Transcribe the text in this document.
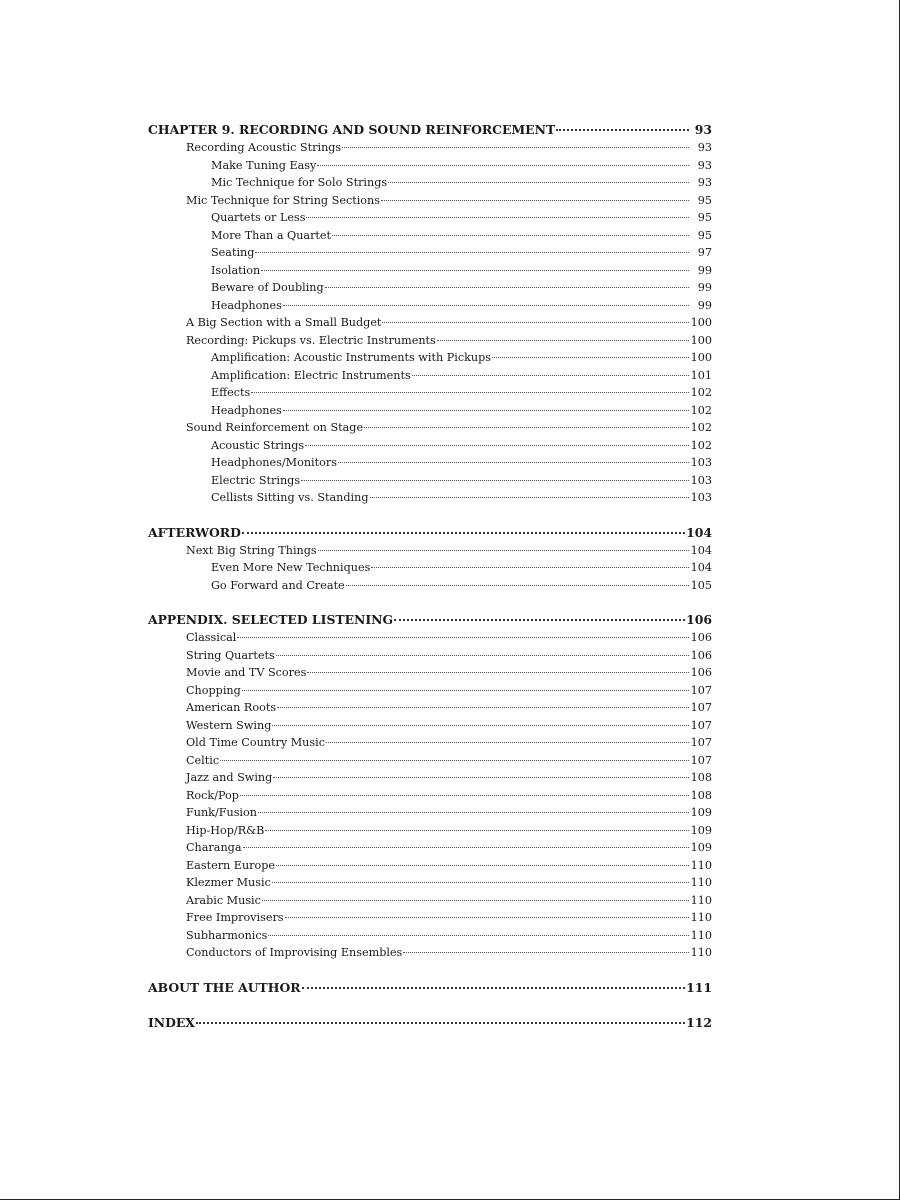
CHAPTER 9. RECORDING AND SOUND REINFORCEMENT	93
Recording Acoustic Strings	93
Make Tuning Easy	93
Mic Technique for Solo Strings	93
Mic Technique for String Sections	95
Quartets or Less	95
More Than a Quartet	95
Seating	97
Isolation	99
Beware of Doubling	99
Headphones	99
A Big Section with a Small Budget	100
Recording: Pickups vs. Electric Instruments	100
Amplification: Acoustic Instruments with Pickups	100
Amplification: Electric Instruments	101
Effects	102
Headphones	102
Sound Reinforcement on Stage	102
Acoustic Strings	102
Headphones/Monitors	103
Electric Strings	103
Cellists Sitting vs. Standing	103
AFTERWORD	104
Next Big String Things	104
Even More New Techniques	104
Go Forward and Create	105
APPENDIX. SELECTED LISTENING	106
Classical	106
String Quartets	106
Movie and TV Scores	106
Chopping	107
American Roots	107
Western Swing	107
Old Time Country Music	107
Celtic	107
Jazz and Swing	108
Rock/Pop	108
Funk/Fusion	109
Hip-Hop/R&B	109
Charanga	109
Eastern Europe	110
Klezmer Music	110
Arabic Music	110
Free Improvisers	110
Subharmonics	110
Conductors of Improvising Ensembles	110
ABOUT THE AUTHOR	111
INDEX	112
